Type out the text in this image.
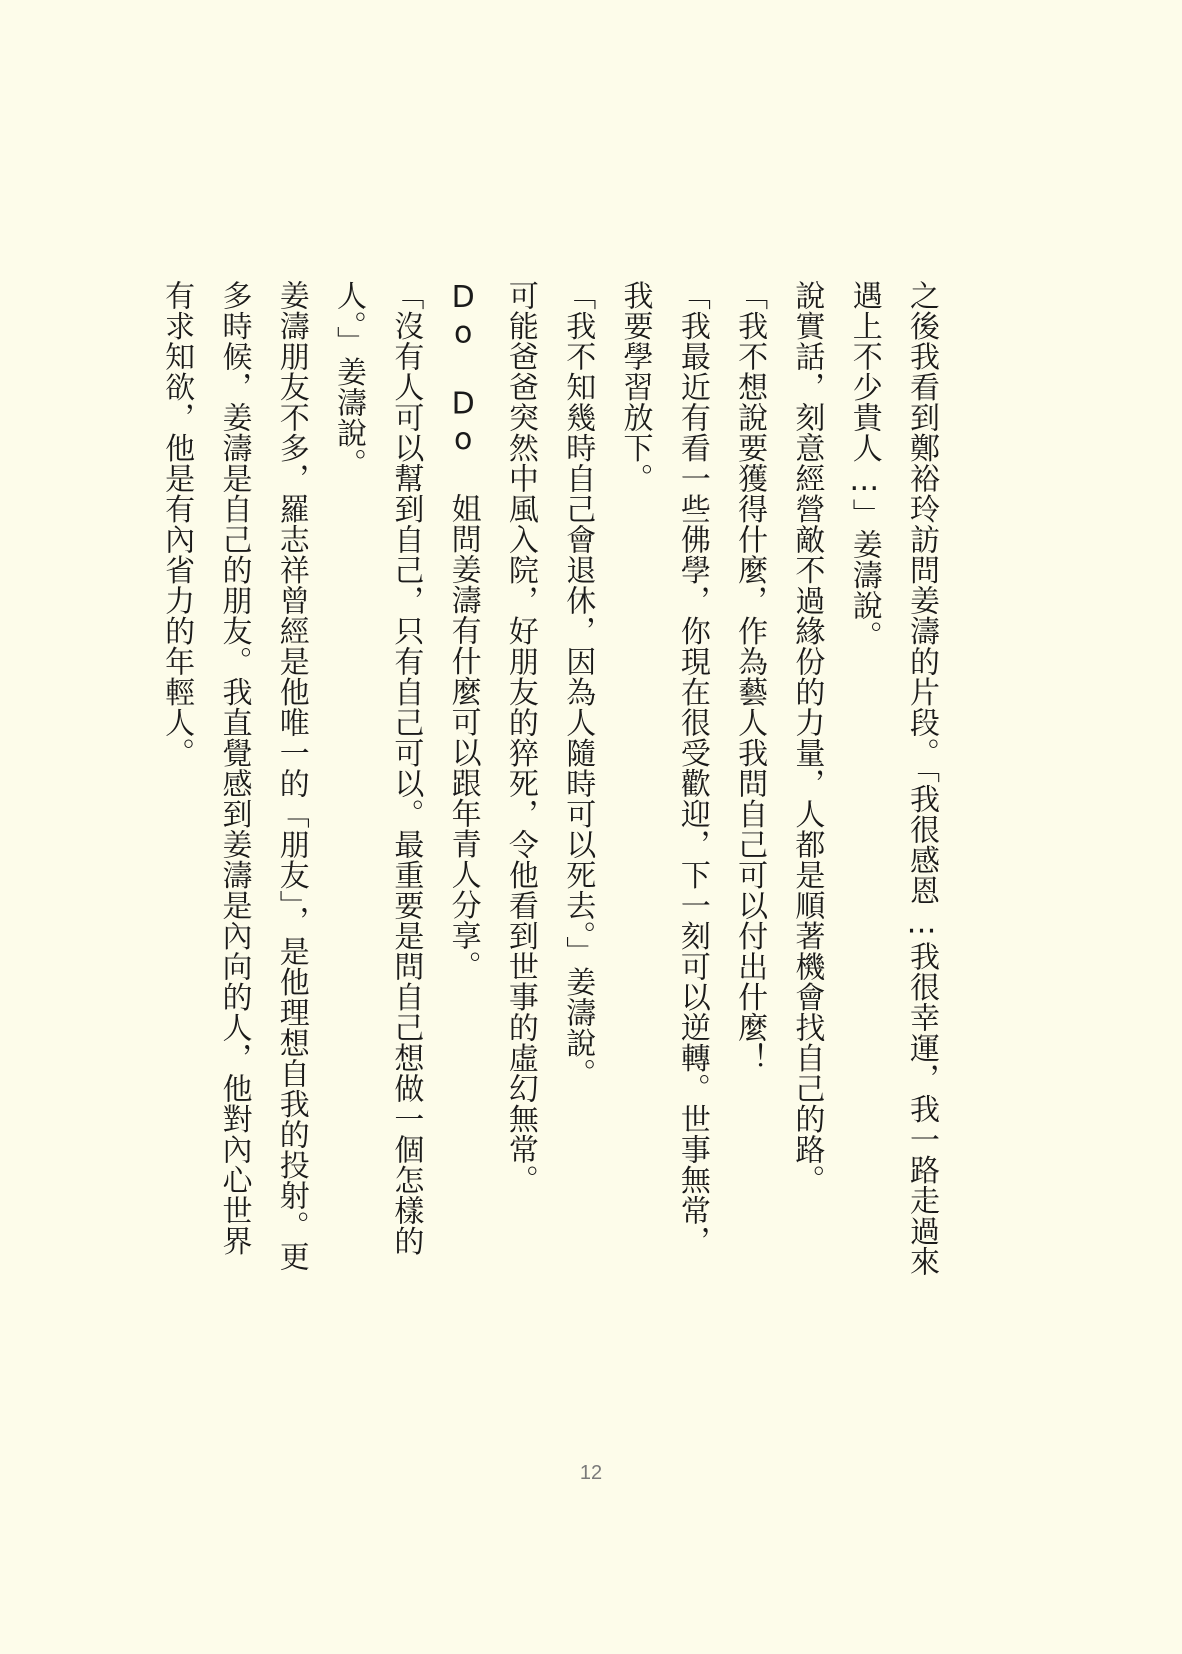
之後我看到鄭裕玲訪問姜濤的片段。「我很感恩…我很幸運，我一路走過來遇上不少貴人…」姜濤說。

說實話，刻意經營敵不過緣份的力量，人都是順著機會找自己的路。

「我不想說要獲得什麼，作為藝人我問自己可以付出什麼！

「我最近有看一些佛學，你現在很受歡迎，下一刻可以逆轉。世事無常，我要學習放下。

「我不知幾時自己會退休，因為人隨時可以死去。」姜濤說。

可能爸爸突然中風入院，好朋友的猝死，令他看到世事的虛幻無常。

Do Do 姐問姜濤有什麼可以跟年青人分享。

「沒有人可以幫到自己，只有自己可以。最重要是問自己想做一個怎樣的人。」姜濤說。

姜濤朋友不多，羅志祥曾經是他唯一的「朋友」，是他理想自我的投射。更多時候，姜濤是自己的朋友。我直覺感到姜濤是內向的人，他對內心世界有求知欲，他是有內省力的年輕人。

12
